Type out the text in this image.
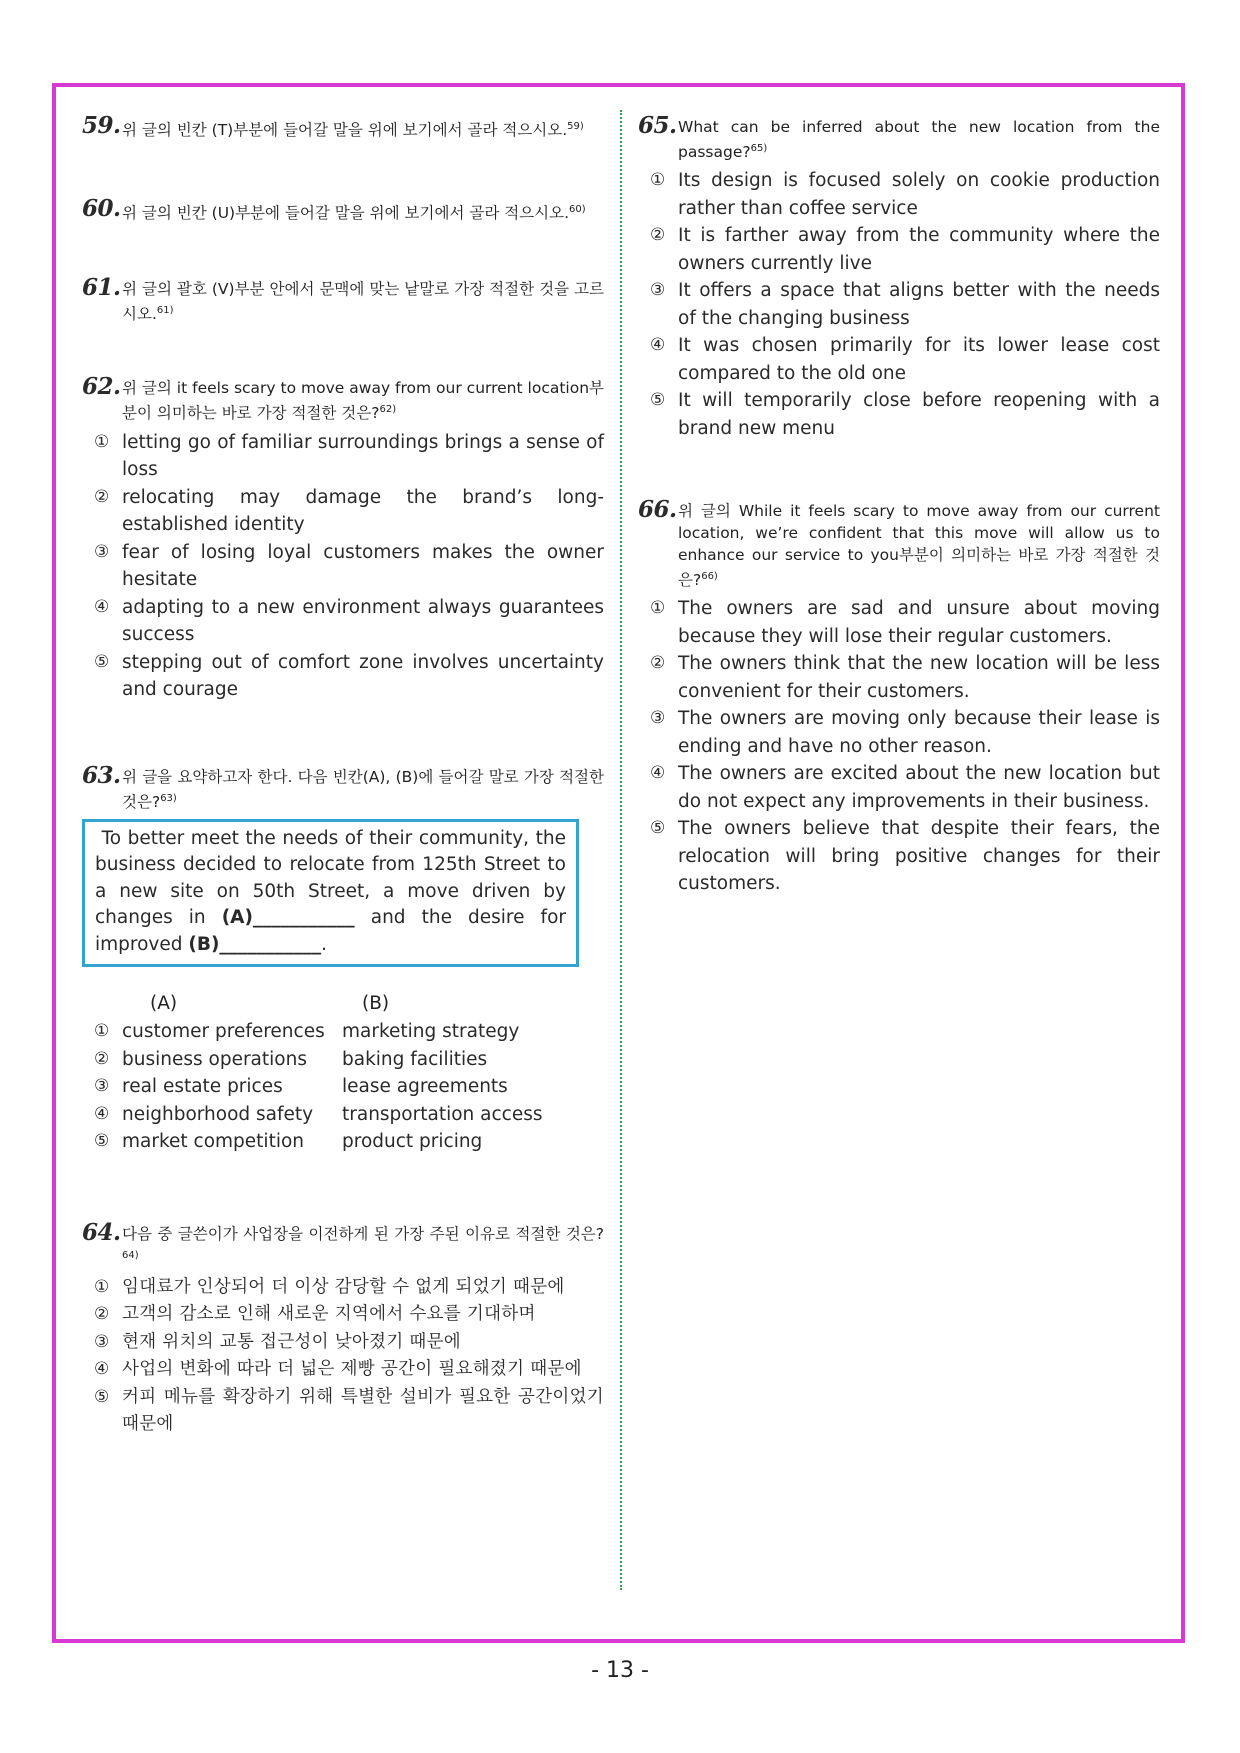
59. 위 글의 빈칸 (T)부분에 들어갈 말을 위에 보기에서 골라 적으시오.$^{59)}$
60. 위 글의 빈칸 (U)부분에 들어갈 말을 위에 보기에서 골라 적으시오.$^{60)}$
61. 위 글의 괄호 (V)부분 안에서 문맥에 맞는 낱말로 가장 적절한 것을 고르시오.$^{61)}$
62. 위 글의 it feels scary to move away from our current location부분이 의미하는 바로 가장 적절한 것은?$^{62)}$
① letting go of familiar surroundings brings a sense of loss
② relocating may damage the brand’s long-established identity
③ fear of losing loyal customers makes the owner hesitate
④ adapting to a new environment always guarantees success
⑤ stepping out of comfort zone involves uncertainty and courage
63. 위 글을 요약하고자 한다. 다음 빈칸(A), (B)에 들어갈 말로 가장 적절한 것은?$^{63)}$
To better meet the needs of their community, the business decided to relocate from 125th Street to a new site on 50th Street, a move driven by changes in (A)___________ and the desire for improved (B)___________.
(A)	(B)
① customer preferences marketing strategy
② business operations baking facilities
③ real estate prices	lease agreements
④ neighborhood safety transportation access
⑤ market competition product pricing
64. 다음 중 글쓴이가 사업장을 이전하게 된 가장 주된 이유로 적절한 것은?$^{64)}$
① 임대료가 인상되어 더 이상 감당할 수 없게 되었기 때문에
② 고객의 감소로 인해 새로운 지역에서 수요를 기대하며
③ 현재 위치의 교통 접근성이 낮아졌기 때문에
④ 사업의 변화에 따라 더 넓은 제빵 공간이 필요해졌기 때문에
⑤ 커피 메뉴를 확장하기 위해 특별한 설비가 필요한 공간이었기 때문에
65. What can be inferred about the new location from the passage?$^{65)}$
① Its design is focused solely on cookie production rather than coffee service
② It is farther away from the community where the owners currently live
③ It offers a space that aligns better with the needs of the changing business
④ It was chosen primarily for its lower lease cost compared to the old one
⑤ It will temporarily close before reopening with a brand new menu
66. 위 글의 While it feels scary to move away from our current location, we’re confident that this move will allow us to enhance our service to you부분이 의미하는 바로 가장 적절한 것은?$^{66)}$
① The owners are sad and unsure about moving because they will lose their regular customers.
② The owners think that the new location will be less convenient for their customers.
③ The owners are moving only because their lease is ending and have no other reason.
④ The owners are excited about the new location but do not expect any improvements in their business.
⑤ The owners believe that despite their fears, the relocation will bring positive changes for their customers.
- 13 -
